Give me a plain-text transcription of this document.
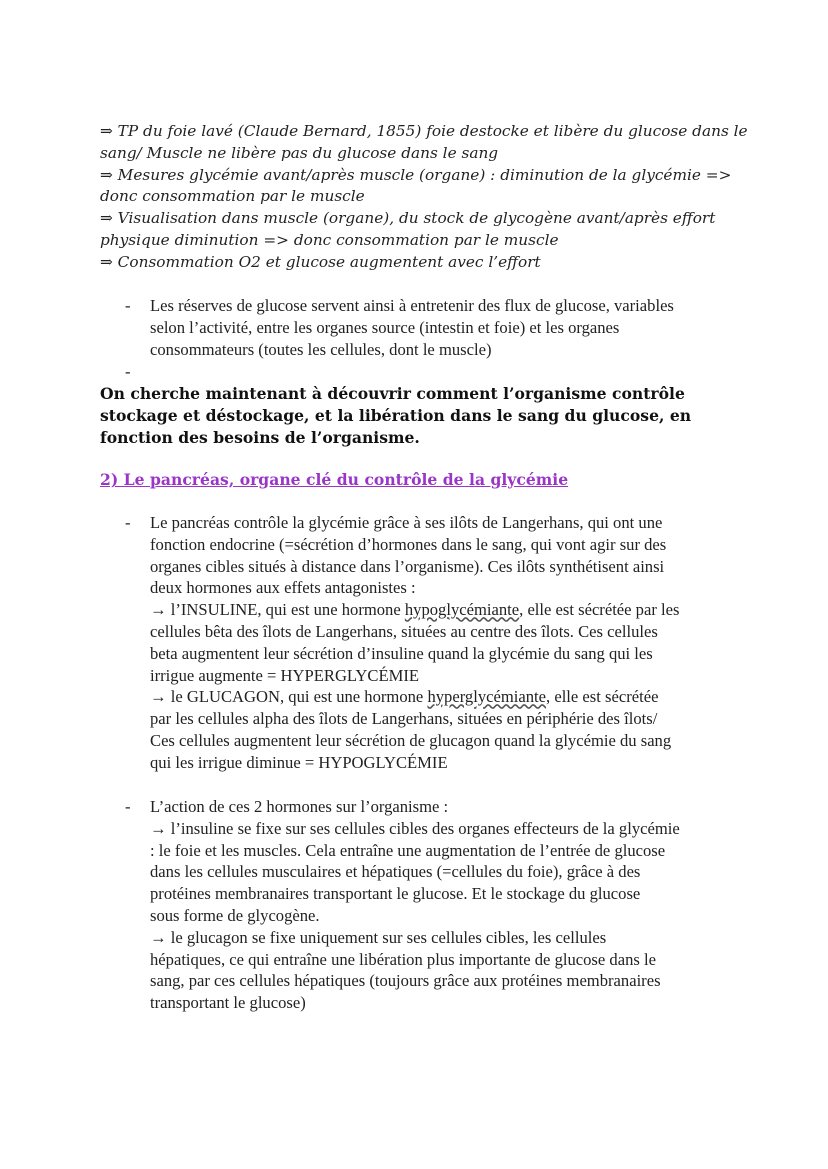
⇒ TP du foie lavé (Claude Bernard, 1855) foie destocke et libère du glucose dans le

sang/ Muscle ne libère pas du glucose dans le sang

⇒ Mesures glycémie avant/après muscle (organe) : diminution de la glycémie =>

donc consommation par le muscle

⇒ Visualisation dans muscle (organe), du stock de glycogène avant/après effort

physique diminution => donc consommation par le muscle

⇒ Consommation O2 et glucose augmentent avec l’effort

- Les réserves de glucose servent ainsi à entretenir des flux de glucose, variables

selon l’activité, entre les organes source (intestin et foie) et les organes

consommateurs (toutes les cellules, dont le muscle)

-

On cherche maintenant à découvrir comment l’organisme contrôle

stockage et déstockage, et la libération dans le sang du glucose, en

fonction des besoins de l’organisme.

2) Le pancréas, organe clé du contrôle de la glycémie

- Le pancréas contrôle la glycémie grâce à ses ilôts de Langerhans, qui ont une

fonction endocrine (=sécrétion d’hormones dans le sang, qui vont agir sur des

organes cibles situés à distance dans l’organisme). Ces ilôts synthétisent ainsi

deux hormones aux effets antagonistes :

→ l’INSULINE, qui est une hormone hypoglycémiante, elle est sécrétée par les

cellules bêta des îlots de Langerhans, situées au centre des îlots. Ces cellules

beta augmentent leur sécrétion d’insuline quand la glycémie du sang qui les

irrigue augmente = HYPERGLYCÉMIE

→ le GLUCAGON, qui est une hormone hyperglycémiante, elle est sécrétée

par les cellules alpha des îlots de Langerhans, situées en périphérie des îlots/

Ces cellules augmentent leur sécrétion de glucagon quand la glycémie du sang

qui les irrigue diminue = HYPOGLYCÉMIE

- L’action de ces 2 hormones sur l’organisme :

→ l’insuline se fixe sur ses cellules cibles des organes effecteurs de la glycémie

: le foie et les muscles. Cela entraîne une augmentation de l’entrée de glucose

dans les cellules musculaires et hépatiques (=cellules du foie), grâce à des

protéines membranaires transportant le glucose. Et le stockage du glucose

sous forme de glycogène.

→ le glucagon se fixe uniquement sur ses cellules cibles, les cellules

hépatiques, ce qui entraîne une libération plus importante de glucose dans le

sang, par ces cellules hépatiques (toujours grâce aux protéines membranaires

transportant le glucose)
